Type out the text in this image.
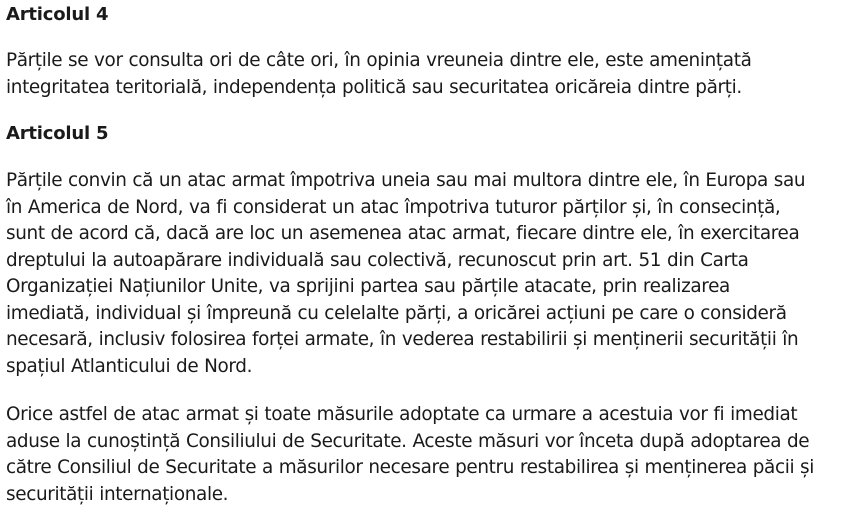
Articolul 4

Părțile se vor consulta ori de câte ori, în opinia vreuneia dintre ele, este amenințată
integritatea teritorială, independența politică sau securitatea oricăreia dintre părți.

Articolul 5

Părțile convin că un atac armat împotriva uneia sau mai multora dintre ele, în Europa sau
în America de Nord, va fi considerat un atac împotriva tuturor părților și, în consecință,
sunt de acord că, dacă are loc un asemenea atac armat, fiecare dintre ele, în exercitarea
dreptului la autoapărare individuală sau colectivă, recunoscut prin art. 51 din Carta
Organizației Națiunilor Unite, va sprijini partea sau părțile atacate, prin realizarea
imediată, individual și împreună cu celelalte părți, a oricărei acțiuni pe care o consideră
necesară, inclusiv folosirea forței armate, în vederea restabilirii și menținerii securității în
spațiul Atlanticului de Nord.

Orice astfel de atac armat și toate măsurile adoptate ca urmare a acestuia vor fi imediat
aduse la cunoștință Consiliului de Securitate. Aceste măsuri vor înceta după adoptarea de
către Consiliul de Securitate a măsurilor necesare pentru restabilirea și menținerea păcii și
securității internaționale.
